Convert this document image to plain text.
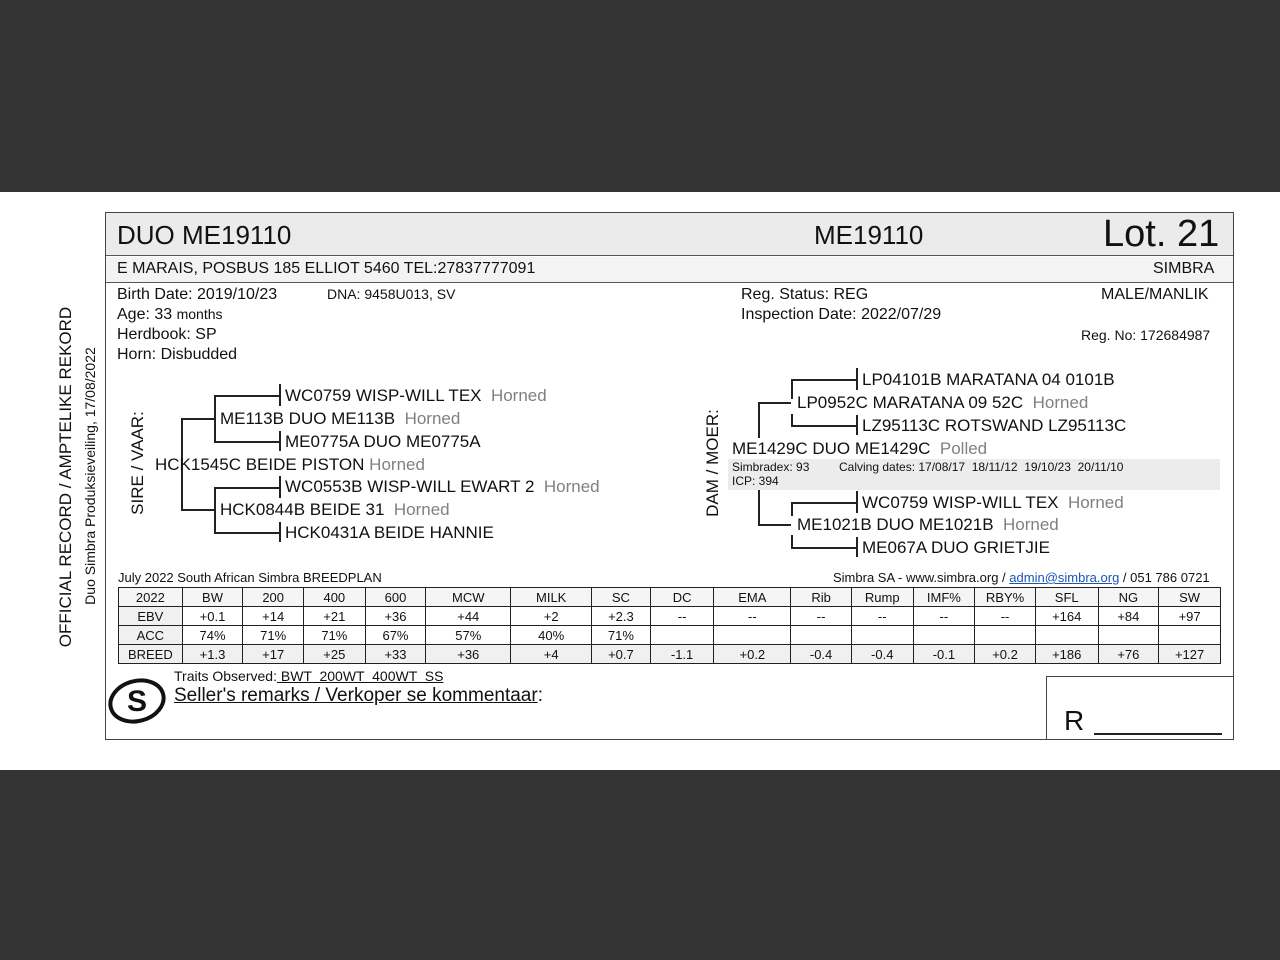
OFFICIAL RECORD / AMPTELIKE REKORD Duo Simbra Produksieveiling, 17/08/2022
DUO ME19110	ME19110	Lot. 21
E MARAIS, POSBUS 185 ELLIOT 5460 TEL:27837777091	SIMBRA
Birth Date: 2019/10/23	DNA: 9458U013, SV
Age: 33 months
Herdbook: SP
Horn: Disbudded
Reg. Status: REG
Inspection Date: 2022/07/29
MALE/MANLIK
Reg. No: 172684987
SIRE / VAAR: HCK1545C BEIDE PISTON Horned
ME113B DUO ME113B Horned
WC0759 WISP-WILL TEX Horned
ME0775A DUO ME0775A
HCK0844B BEIDE 31 Horned
WC0553B WISP-WILL EWART 2 Horned
HCK0431A BEIDE HANNIE
DAM / MOER: ME1429C DUO ME1429C Polled
Simbradex: 93 Calving dates: 17/08/17  18/11/12  19/10/23  20/11/10
ICP: 394
LP0952C MARATANA 09 52C Horned
LP04101B MARATANA 04 0101B
LZ95113C ROTSWAND LZ95113C
ME1021B DUO ME1021B Horned
WC0759 WISP-WILL TEX Horned
ME067A DUO GRIETJIE
July 2022 South African Simbra BREEDPLAN	Simbra SA - www.simbra.org / admin@simbra.org / 051 786 0721
2022	BW	200	400	600	MCW	MILK	SC	DC	EMA	Rib	Rump	IMF%	RBY%	SFL	NG	SW
EBV	+0.1	+14	+21	+36	+44	+2	+2.3	--	--	--	--	--	--	+164	+84	+97
ACC	74%	71%	71%	67%	57%	40%	71%									
BREED	+1.3	+17	+25	+33	+36	+4	+0.7	-1.1	+0.2	-0.4	-0.4	-0.1	+0.2	+186	+76	+127
S
Traits Observed: BWT  200WT  400WT  SS
Seller's remarks / Verkoper se kommentaar:
R
